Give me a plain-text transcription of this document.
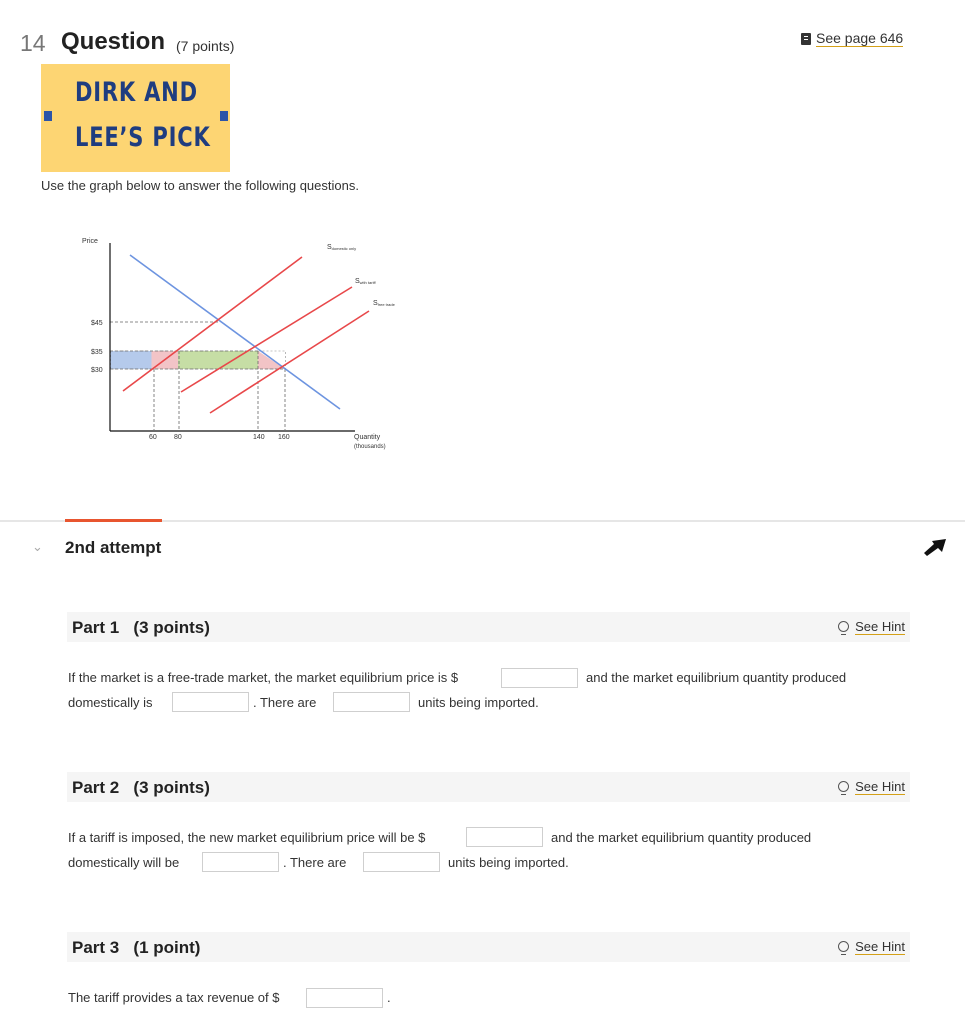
14 Question (7 points)	See page 646
DIRK AND
LEE’S PICK
Use the graph below to answer the following questions.
Price
$45
$35
$30
60 80	140 160	Quantity
(thousands)
Sdomestic only
Swith tariff
Sfree trade
⌄ 2nd attempt
Part 1 (3 points)	See Hint
If the market is a free-trade market, the market equilibrium price is $	and the market equilibrium quantity produced
domestically is	. There are	units being imported.
Part 2 (3 points)	See Hint
If a tariff is imposed, the new market equilibrium price will be $	and the market equilibrium quantity produced
domestically will be	. There are	units being imported.
Part 3 (1 point)	See Hint
The tariff provides a tax revenue of $	.
